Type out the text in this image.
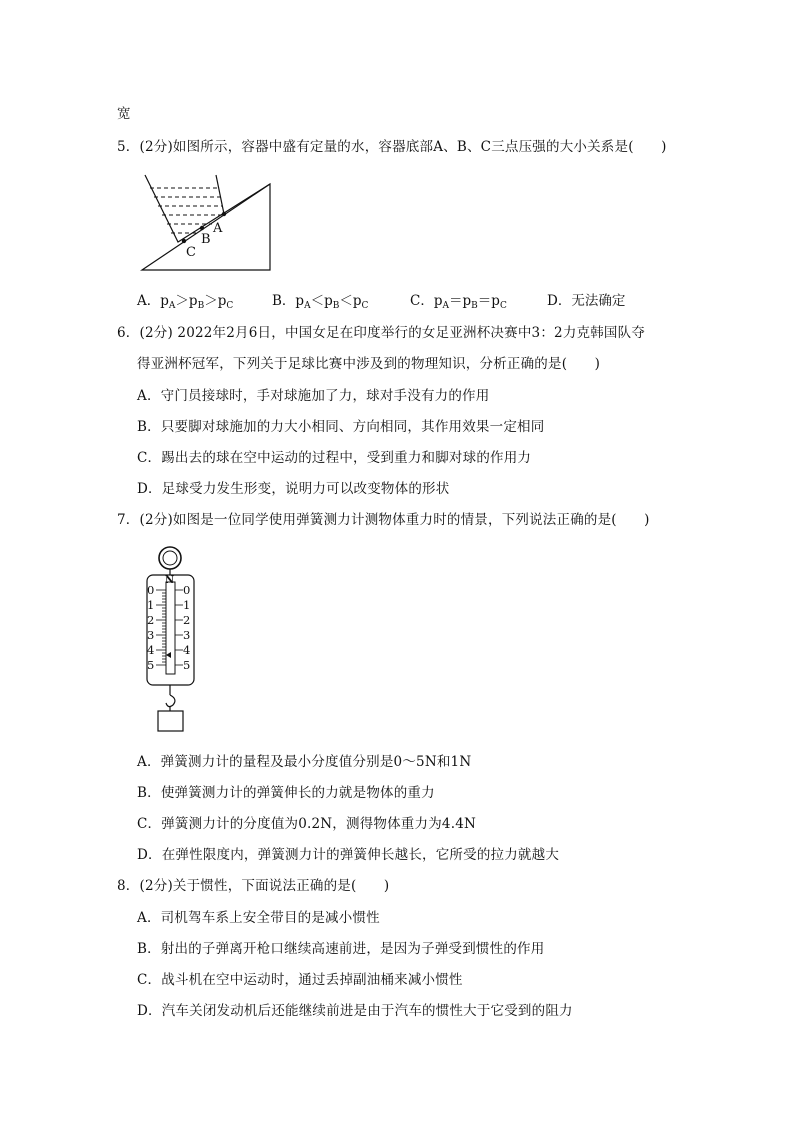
宽
5．(2分)如图所示，容器中盛有定量的水，容器底部A、B、C三点压强的大小关系是(　　)
A
B
C
A．$p_A>p_B>p_C$	B．$p_A<p_B<p_C$	C．$p_A=p_B=p_C$	D．无法确定
6．(2分) 2022年2月6日，中国女足在印度举行的女足亚洲杯决赛中3：2力克韩国队夺
得亚洲杯冠军，下列关于足球比赛中涉及到的物理知识，分析正确的是(　　)
A．守门员接球时，手对球施加了力，球对手没有力的作用
B．只要脚对球施加的力大小相同、方向相同，其作用效果一定相同
C．踢出去的球在空中运动的过程中，受到重力和脚对球的作用力
D．足球受力发生形变，说明力可以改变物体的形状
7．(2分)如图是一位同学使用弹簧测力计测物体重力时的情景，下列说法正确的是(　　)
N
0
1
2
3
4
5
0
1
2
3
4
5
A．弹簧测力计的量程及最小分度值分别是0～5N和1N
B．使弹簧测力计的弹簧伸长的力就是物体的重力
C．弹簧测力计的分度值为0.2N，测得物体重力为4.4N
D．在弹性限度内，弹簧测力计的弹簧伸长越长，它所受的拉力就越大
8．(2分)关于惯性，下面说法正确的是(　　)
A．司机驾车系上安全带目的是减小惯性
B．射出的子弹离开枪口继续高速前进，是因为子弹受到惯性的作用
C．战斗机在空中运动时，通过丢掉副油桶来减小惯性
D．汽车关闭发动机后还能继续前进是由于汽车的惯性大于它受到的阻力
